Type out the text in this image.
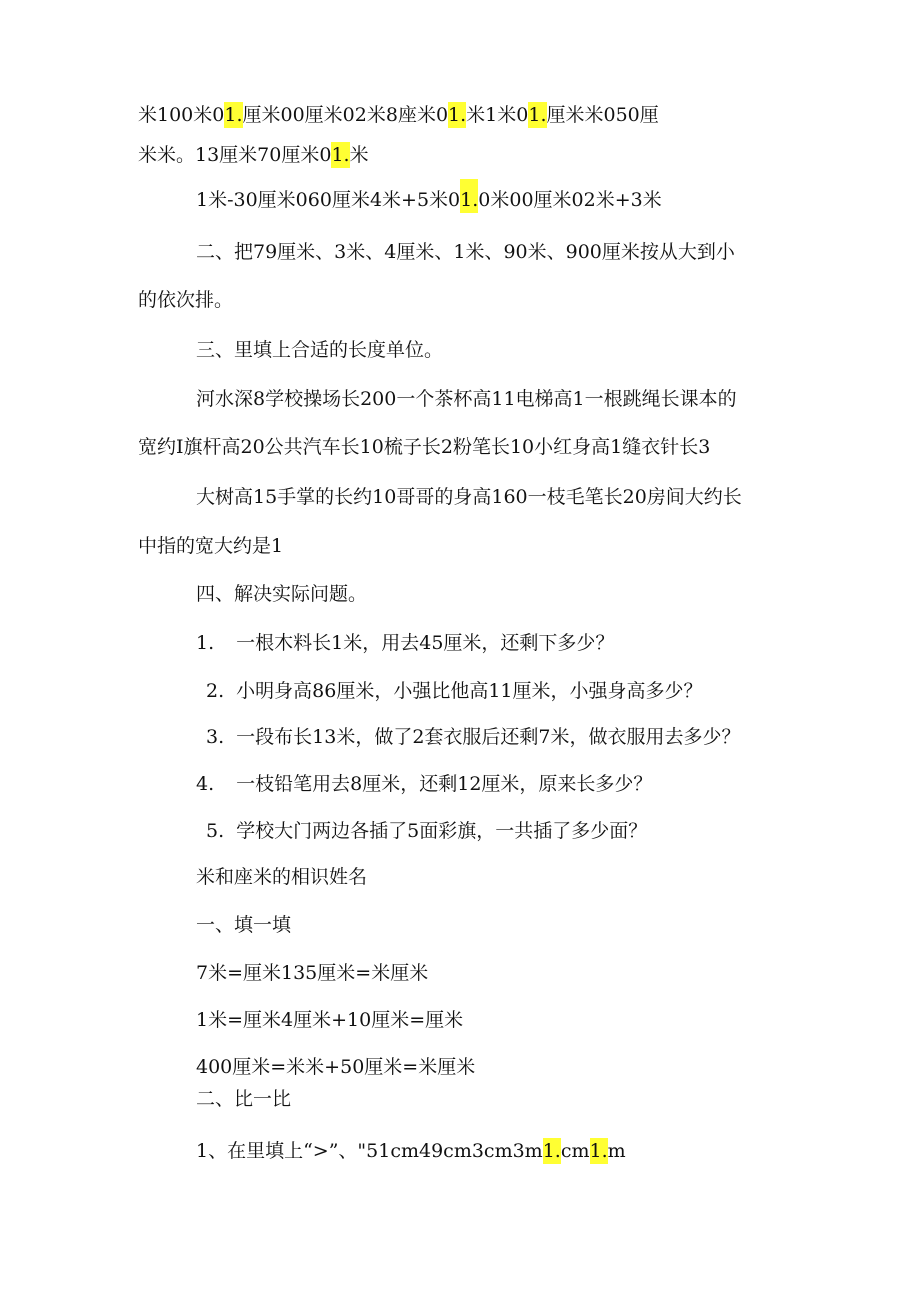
米100米01.厘米00厘米02米8座米01.米1米01.厘米米050厘
米米。13厘米70厘米01.米
1米-30厘米060厘米4米+5米01.0米00厘米02米+3米
二、把79厘米、3米、4厘米、1米、90米、900厘米按从大到小
的依次排。
三、里填上合适的长度单位。
河水深8学校操场长200一个茶杯高11电梯高1一根跳绳长课本的
宽约I旗杆高20公共汽车长10梳子长2粉笔长10小红身高1缝衣针长3
大树高15手掌的长约10哥哥的身高160一枝毛笔长20房间大约长
中指的宽大约是1
四、解决实际问题。
1. 一根木料长1米，用去45厘米，还剩下多少？
2. 小明身高86厘米，小强比他高11厘米，小强身高多少？
3. 一段布长13米，做了2套衣服后还剩7米，做衣服用去多少？
4. 一枝铅笔用去8厘米，还剩12厘米，原来长多少？
5. 学校大门两边各插了5面彩旗，一共插了多少面？
米和座米的相识姓名
一、填一填
7米=厘米135厘米=米厘米
1米=厘米4厘米+10厘米=厘米
400厘米=米米+50厘米=米厘米
二、比一比
1、在里填上“>”、"51cm49cm3cm3m1.cm1.m
